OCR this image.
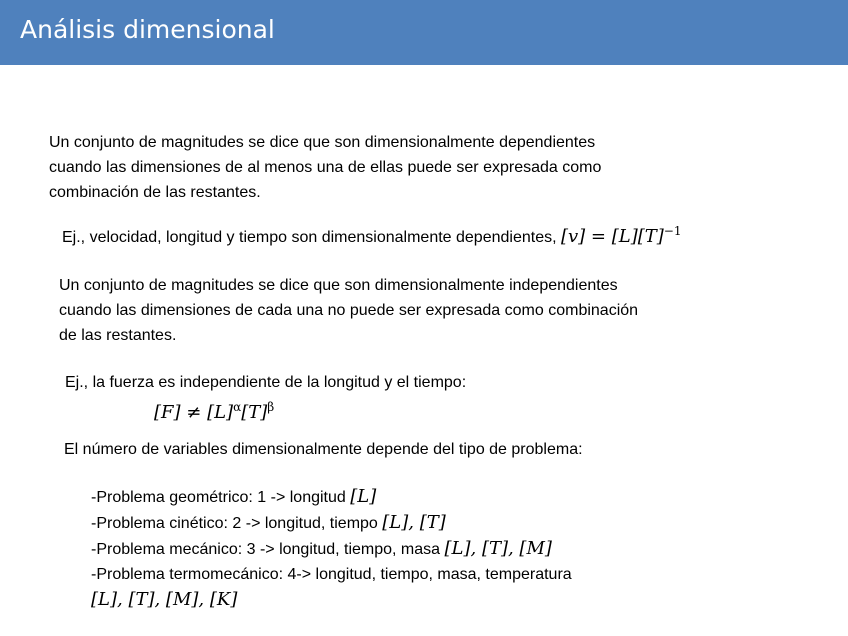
Análisis dimensional
Un conjunto de magnitudes se dice que son dimensionalmente dependientes
cuando las dimensiones de al menos una de ellas puede ser expresada como
combinación de las restantes.
Ej., velocidad, longitud y tiempo son dimensionalmente dependientes, $[v] = [L][T]^{-1}$
Un conjunto de magnitudes se dice que son dimensionalmente independientes
cuando las dimensiones de cada una no puede ser expresada como combinación
de las restantes.
Ej., la fuerza es independiente de la longitud y el tiempo:
$[F] \ne [L]^\alpha[T]^\beta$
El número de variables dimensionalmente depende del tipo de problema:
-Problema geométrico: 1 -> longitud [L]
-Problema cinético: 2 -> longitud, tiempo [L], [T]
-Problema mecánico: 3 -> longitud, tiempo, masa [L], [T], [M]
-Problema termomecánico: 4-> longitud, tiempo, masa, temperatura
[L], [T], [M], [K]
